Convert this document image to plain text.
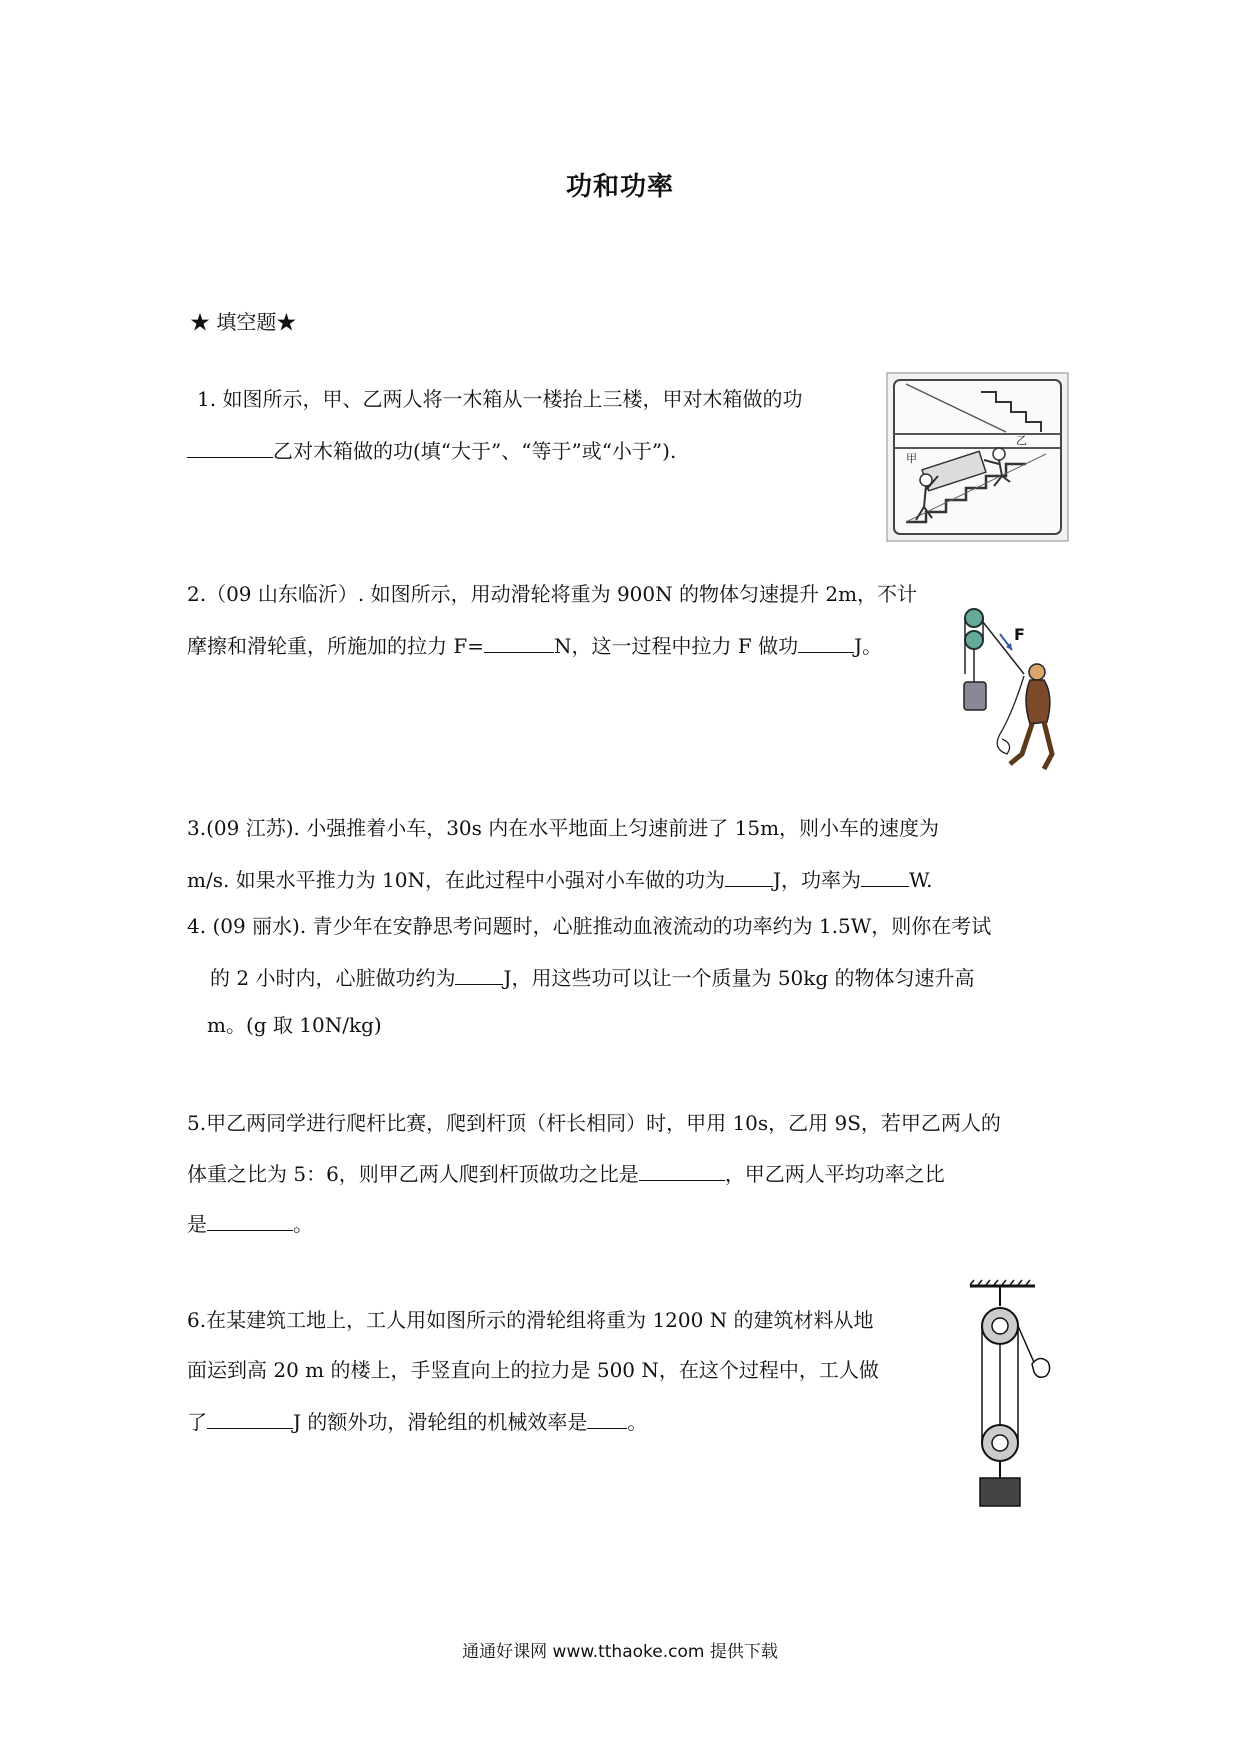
功和功率
★ 填空题★
1. 如图所示，甲、乙两人将一木箱从一楼抬上三楼，甲对木箱做的功
乙对木箱做的功(填“大于”、“等于”或“小于”).	甲
乙
2.（09 山东临沂）. 如图所示，用动滑轮将重为 900N 的物体匀速提升 2m，不计
摩擦和滑轮重，所施加的拉力 F=	N，这一过程中拉力 F 做功	J。	F
3.(09 江苏). 小强推着小车，30s 内在水平地面上匀速前进了 15m，则小车的速度为
m/s. 如果水平推力为 10N，在此过程中小强对小车做的功为 J，功率为 W.
4. (09 丽水). 青少年在安静思考问题时，心脏推动血液流动的功率约为 1.5W，则你在考试
的 2 小时内，心脏做功约为 J，用这些功可以让一个质量为 50kg 的物体匀速升高
m。(g 取 10N/kg)
5.甲乙两同学进行爬杆比赛，爬到杆顶（杆长相同）时，甲用 10s，乙用 9S，若甲乙两人的
体重之比为 5：6，则甲乙两人爬到杆顶做功之比是	，甲乙两人平均功率之比
是	。
6.在某建筑工地上，工人用如图所示的滑轮组将重为 1200 N 的建筑材料从地
面运到高 20 m 的楼上，手竖直向上的拉力是 500 N，在这个过程中，工人做
了	J 的额外功，滑轮组的机械效率是 。
通通好课网 www.tthaoke.com 提供下载
